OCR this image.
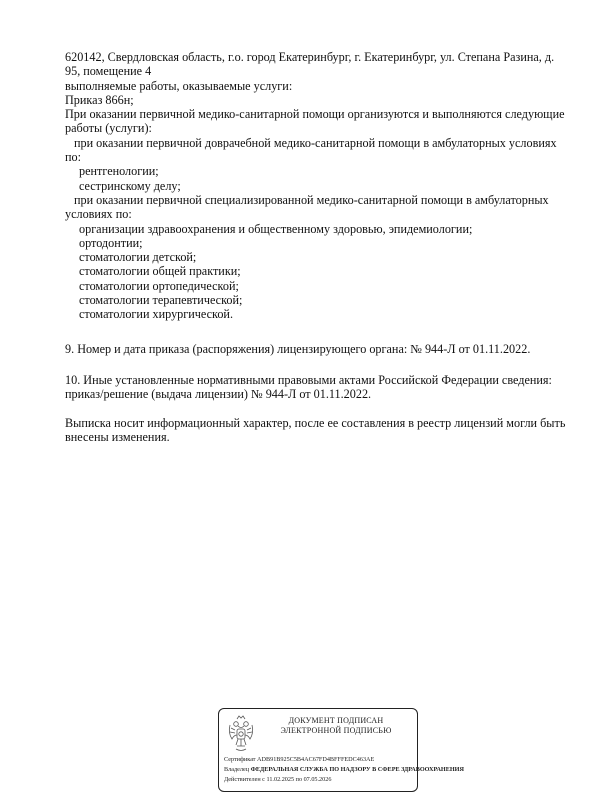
620142, Свердловская область, г.о. город Екатеринбург, г. Екатеринбург, ул. Степана Разина, д.
95, помещение 4
выполняемые работы, оказываемые услуги:
Приказ 866н;
При оказании первичной медико-санитарной помощи организуются и выполняются следующие
работы (услуги):
при оказании первичной доврачебной медико-санитарной помощи в амбулаторных условиях
по:
рентгенологии;
сестринскому делу;
при оказании первичной специализированной медико-санитарной помощи в амбулаторных
условиях по:
организации здравоохранения и общественному здоровью, эпидемиологии;
ортодонтии;
стоматологии детской;
стоматологии общей практики;
стоматологии ортопедической;
стоматологии терапевтической;
стоматологии хирургической.
9. Номер и дата приказа (распоряжения) лицензирующего органа: № 944-Л от 01.11.2022.
10. Иные установленные нормативными правовыми актами Российской Федерации сведения:
приказ/решение (выдача лицензии) № 944-Л от 01.11.2022.
Выписка носит информационный характер, после ее составления в реестр лицензий могли быть
внесены изменения.
ДОКУМЕНТ ПОДПИСАН
ЭЛЕКТРОННОЙ ПОДПИСЬЮ
Сертификат ADB91B925C5B4AC67FD4BFFFEDC463AE
Владелец ФЕДЕРАЛЬНАЯ СЛУЖБА ПО НАДЗОРУ В СФЕРЕ ЗДРАВООХРАНЕНИЯ
Действителен с 11.02.2025 по 07.05.2026
